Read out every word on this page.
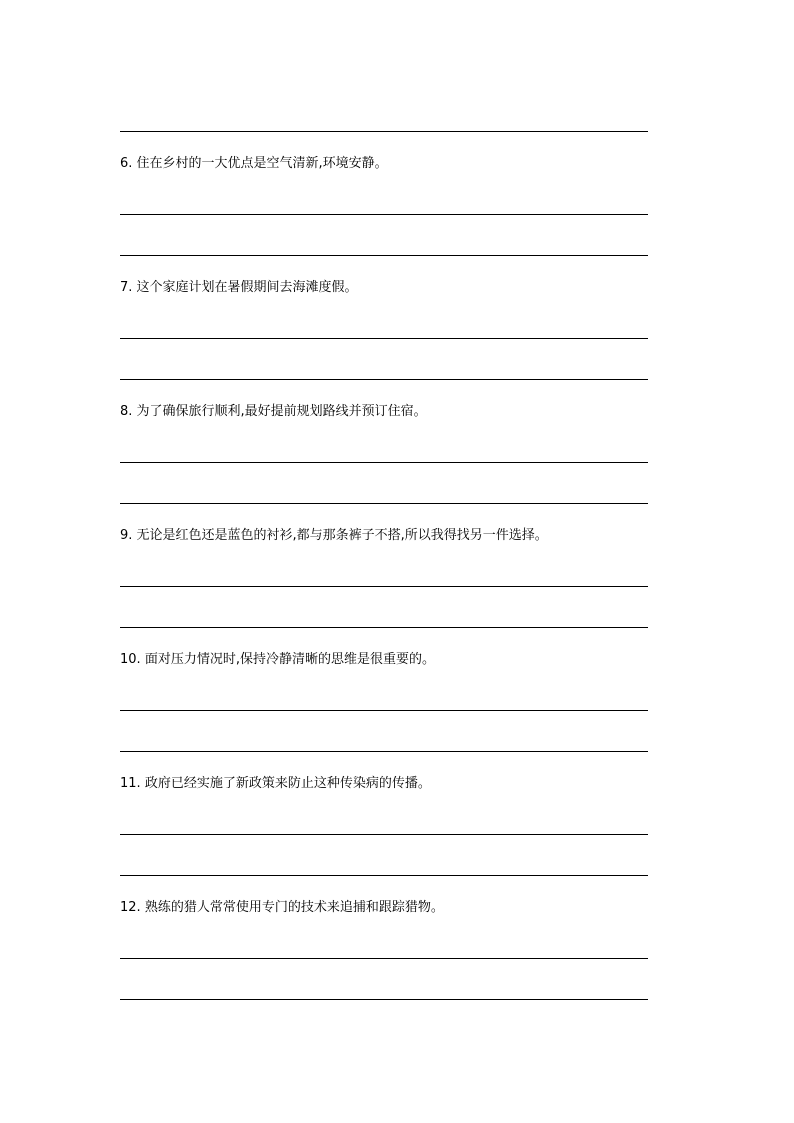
6. 住在乡村的一大优点是空气清新,环境安静。
7. 这个家庭计划在暑假期间去海滩度假。
8. 为了确保旅行顺利,最好提前规划路线并预订住宿。
9. 无论是红色还是蓝色的衬衫,都与那条裤子不搭,所以我得找另一件选择。
10. 面对压力情况时,保持冷静清晰的思维是很重要的。
11. 政府已经实施了新政策来防止这种传染病的传播。
12. 熟练的猎人常常使用专门的技术来追捕和跟踪猎物。
